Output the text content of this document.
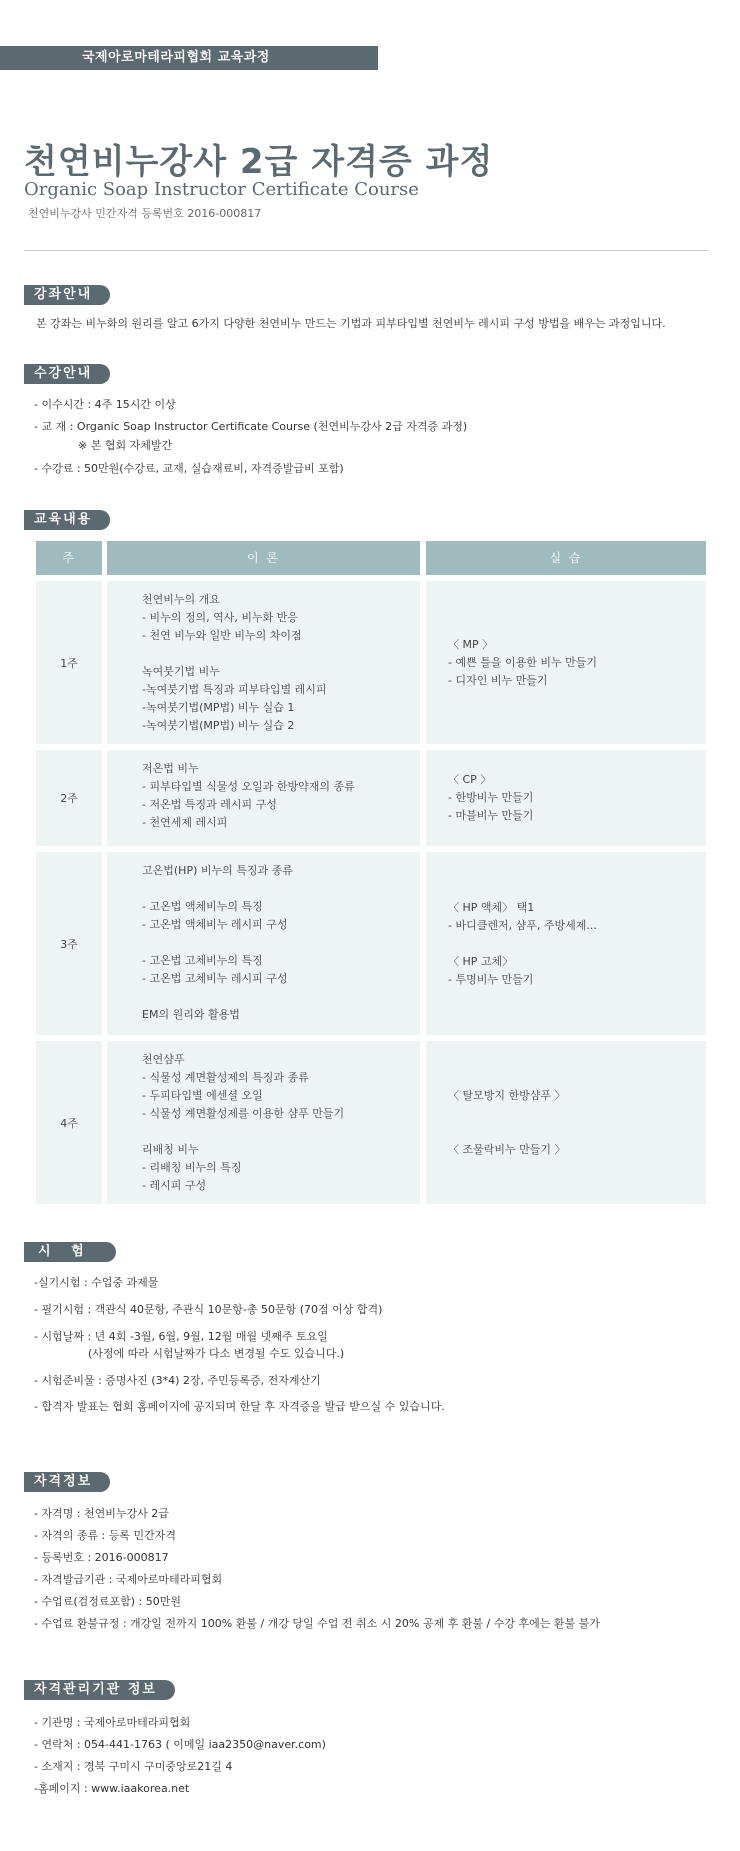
국제아로마테라피협회 교육과정
천연비누강사 2급 자격증 과정
Organic Soap Instructor Certificate Course
천연비누강사 민간자격 등록번호 2016-000817
강좌안내
본 강좌는 비누화의 원리를 알고 6가지 다양한 천연비누 만드는 기법과 피부타입별 천연비누 레시피 구성 방법을 배우는 과정입니다.
수강안내
- 이수시간 : 4주 15시간 이상
- 교 재 : Organic Soap Instructor Certificate Course (천연비누강사 2급 자격증 과정)
※ 본 협회 자체발간
- 수강료 : 50만원(수강료, 교재, 실습재료비, 자격증발급비 포함)
교육내용
주	이 론	실 습
1주
천연비누의 개요
- 비누의 정의, 역사, 비누화 반응
- 천연 비누와 일반 비누의 차이점

녹여붓기법 비누
-녹여붓기법 특징과 피부타입별 레시피
-녹여붓기법(MP법) 비누 실습 1
-녹여붓기법(MP법) 비누 실습 2
〈 MP 〉
- 예쁜 틀을 이용한 비누 만들기
- 디자인 비누 만들기
2주
저온법 비누
- 피부타입별 식물성 오일과 한방약재의 종류
- 저온법 특징과 레시피 구성
- 천연세제 레시피
〈 CP 〉
- 한방비누 만들기
- 마블비누 만들기
3주
고온법(HP) 비누의 특징과 종류

- 고온법 액체비누의 특징
- 고온법 액체비누 레시피 구성

- 고온법 고체비누의 특징
- 고온법 고체비누 레시피 구성

EM의 원리와 활용법
〈 HP 액체〉 택1
- 바디클렌저, 샴푸, 주방세제...

〈 HP 고체〉
- 투명비누 만들기
4주
천연샴푸
- 식물성 계면활성제의 특징과 종류
- 두피타입별 에센셜 오일
- 식물성 계면활성제를 이용한 샴푸 만들기

리배칭 비누
- 리배칭 비누의 특징
- 레시피 구성
〈 탈모방지 한방샴푸 〉

〈 조물락비누 만들기 〉
시 험
-실기시험 : 수업중 과제물
- 필기시험 : 객관식 40문항, 주관식 10문항-총 50문항 (70점 이상 합격)
- 시험날짜 : 년 4회 -3월, 6월, 9월, 12월 매월 넷째주 토요일
(사정에 따라 시험날짜가 다소 변경될 수도 있습니다.)
- 시험준비물 : 증명사진 (3*4) 2장, 주민등록증, 전자계산기
- 합격자 발표는 협회 홈페이지에 공지되며 한달 후 자격증을 발급 받으실 수 있습니다.
자격정보
- 자격명 : 천연비누강사 2급
- 자격의 종류 : 등록 민간자격
- 등록번호 : 2016-000817
- 자격발급기관 : 국제아로마테라피협회
- 수업료(검정료포함) : 50만원
- 수업료 환불규정 : 개강일 전까지 100% 환불 / 개강 당일 수업 전 취소 시 20% 공제 후 환불 / 수강 후에는 환불 불가
자격관리기관 정보
- 기관명 : 국제아로마테라피협회
- 연락처 : 054-441-1763 ( 이메일 iaa2350@naver.com)
- 소재지 : 경북 구미시 구미중앙로21길 4
-홈페이지 : www.iaakorea.net
